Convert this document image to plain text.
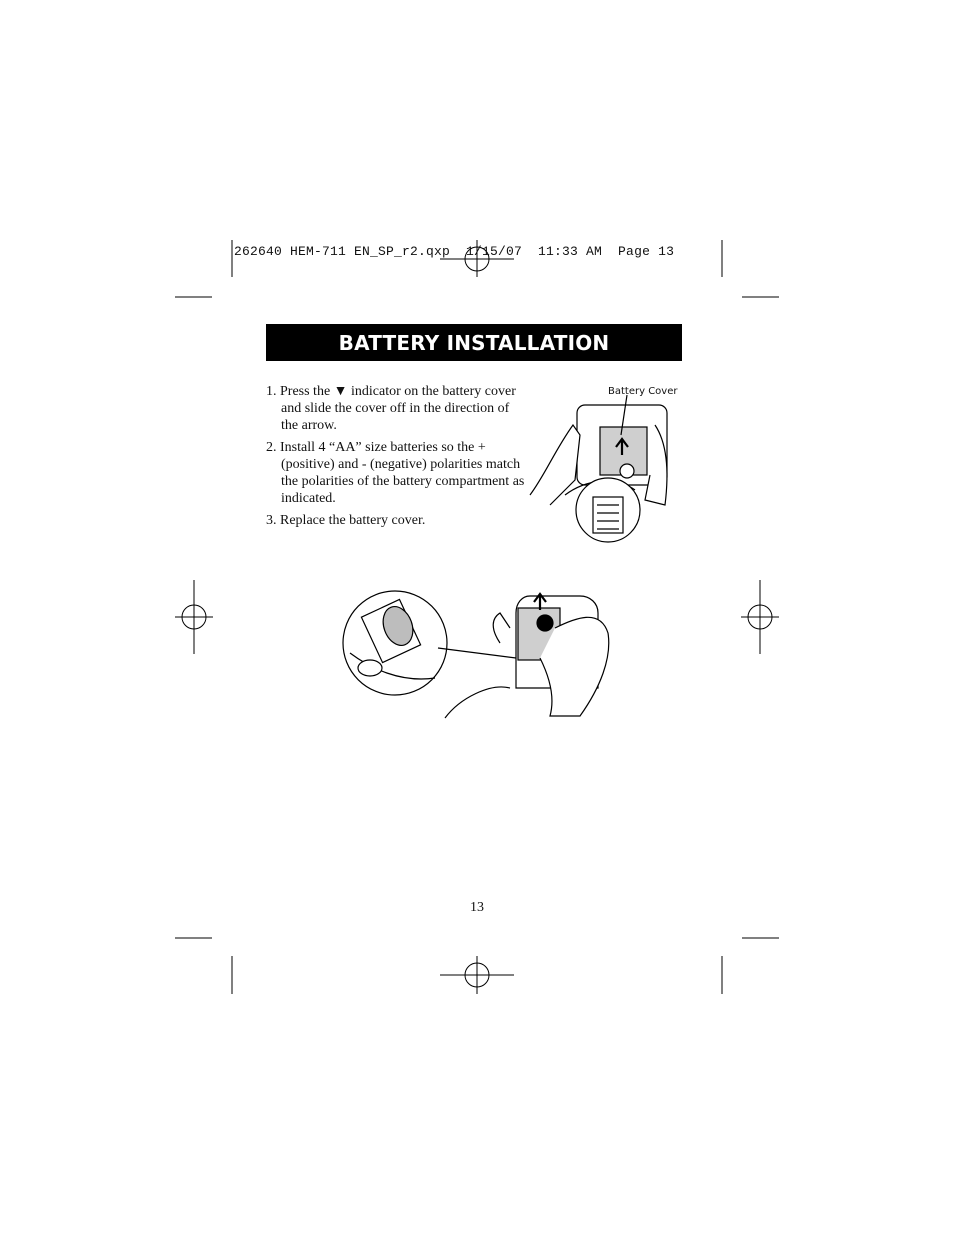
262640 HEM-711 EN_SP_r2.qxp  1/15/07  11:33 AM  Page 13
BATTERY INSTALLATION
1. Press the ▼ indicator on the battery cover and slide the cover off in the direction of the arrow.
2. Install 4 “AA” size batteries so the + (positive) and - (negative) polarities match the polarities of the battery compartment as indicated.
3. Replace the battery cover.
Battery Cover
13
